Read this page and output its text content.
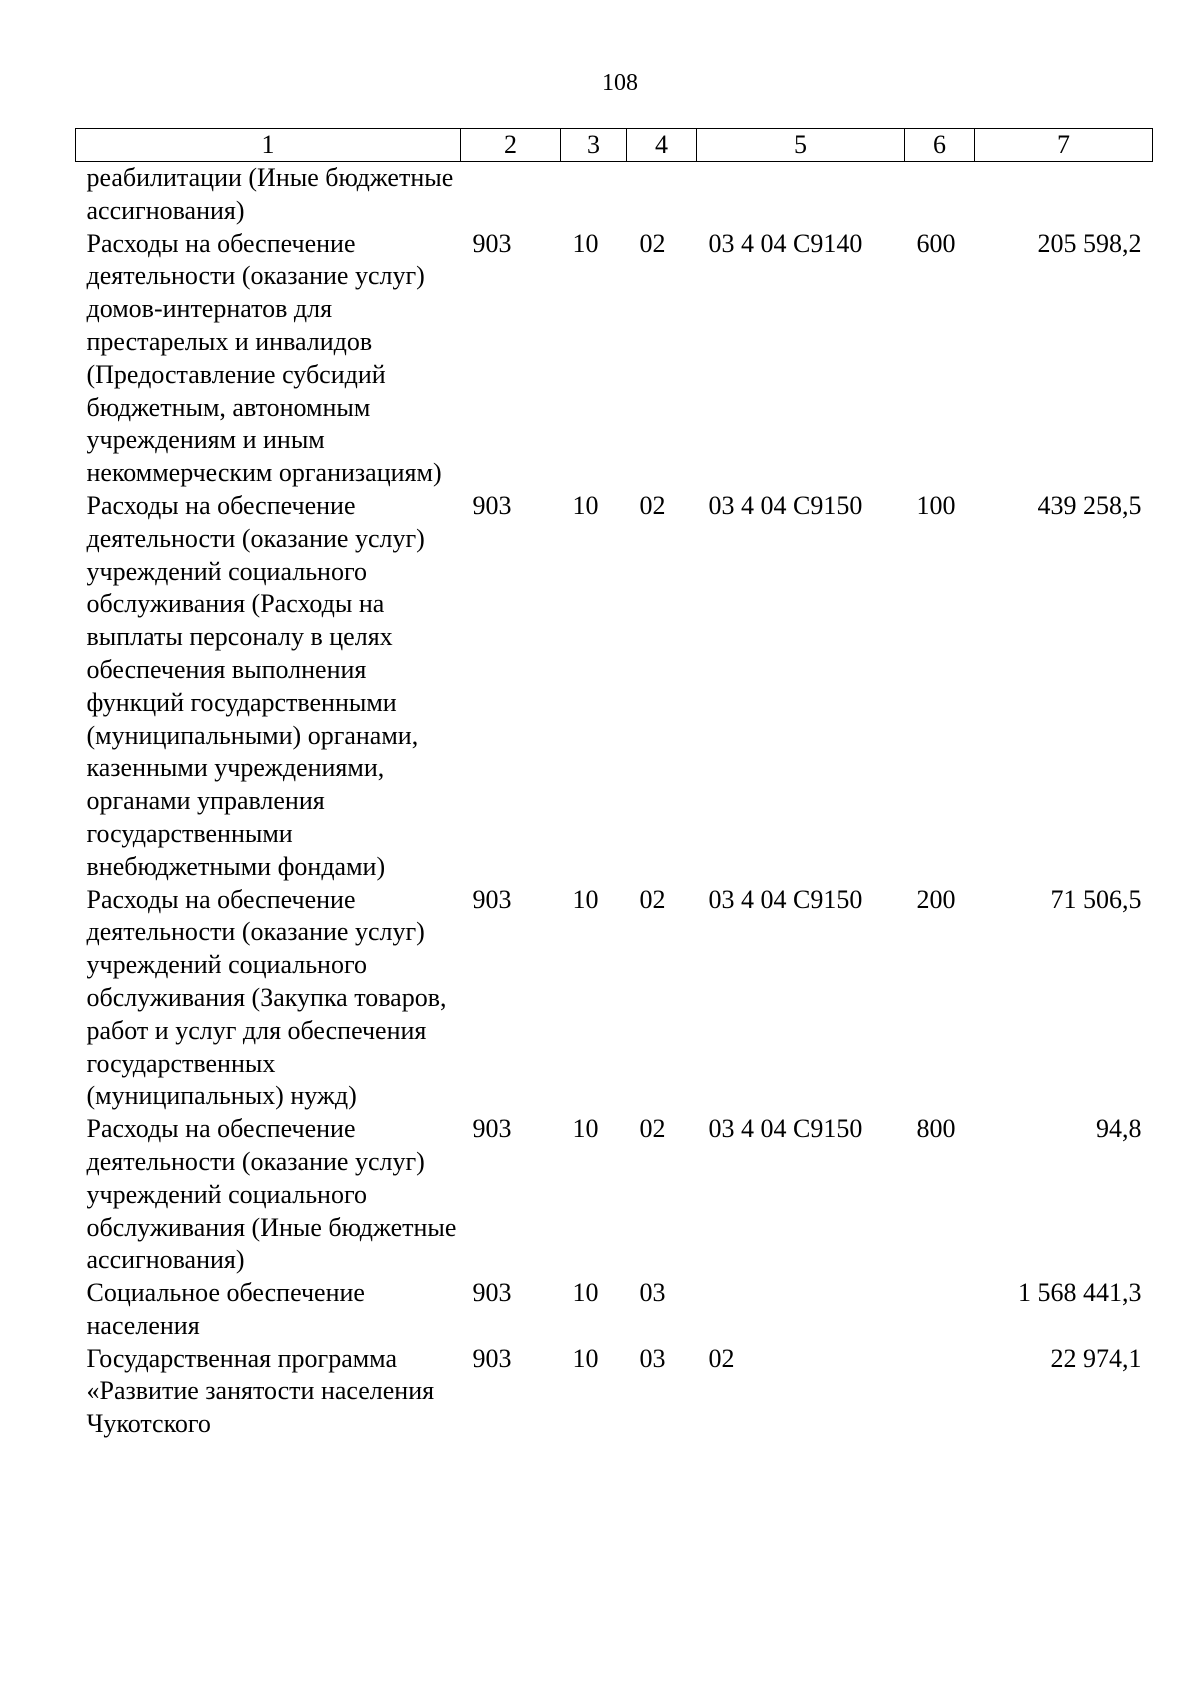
108
1	2	3	4	5	6	7
реабилитации (Иные бюджетные ассигнования)						
Расходы на обеспечение деятельности (оказание услуг) домов-интернатов для престарелых и инвалидов (Предоставление субсидий бюджетным, автономным учреждениям и иным некоммерческим организациям)	903	10	02	03 4 04 С9140	600	205 598,2
Расходы на обеспечение деятельности (оказание услуг) учреждений социального обслуживания (Расходы на выплаты персоналу в целях обеспечения выполнения функций государственными (муниципальными) органами, казенными учреждениями, органами управления государственными внебюджетными фондами)	903	10	02	03 4 04 С9150	100	439 258,5
Расходы на обеспечение деятельности (оказание услуг) учреждений социального обслуживания (Закупка товаров, работ и услуг для обеспечения государственных (муниципальных) нужд)	903	10	02	03 4 04 С9150	200	71 506,5
Расходы на обеспечение деятельности (оказание услуг) учреждений социального обслуживания (Иные бюджетные ассигнования)	903	10	02	03 4 04 С9150	800	94,8
Социальное обеспечение населения	903	10	03			1 568 441,3
Государственная программа «Развитие занятости населения Чукотского	903	10	03	02		22 974,1
